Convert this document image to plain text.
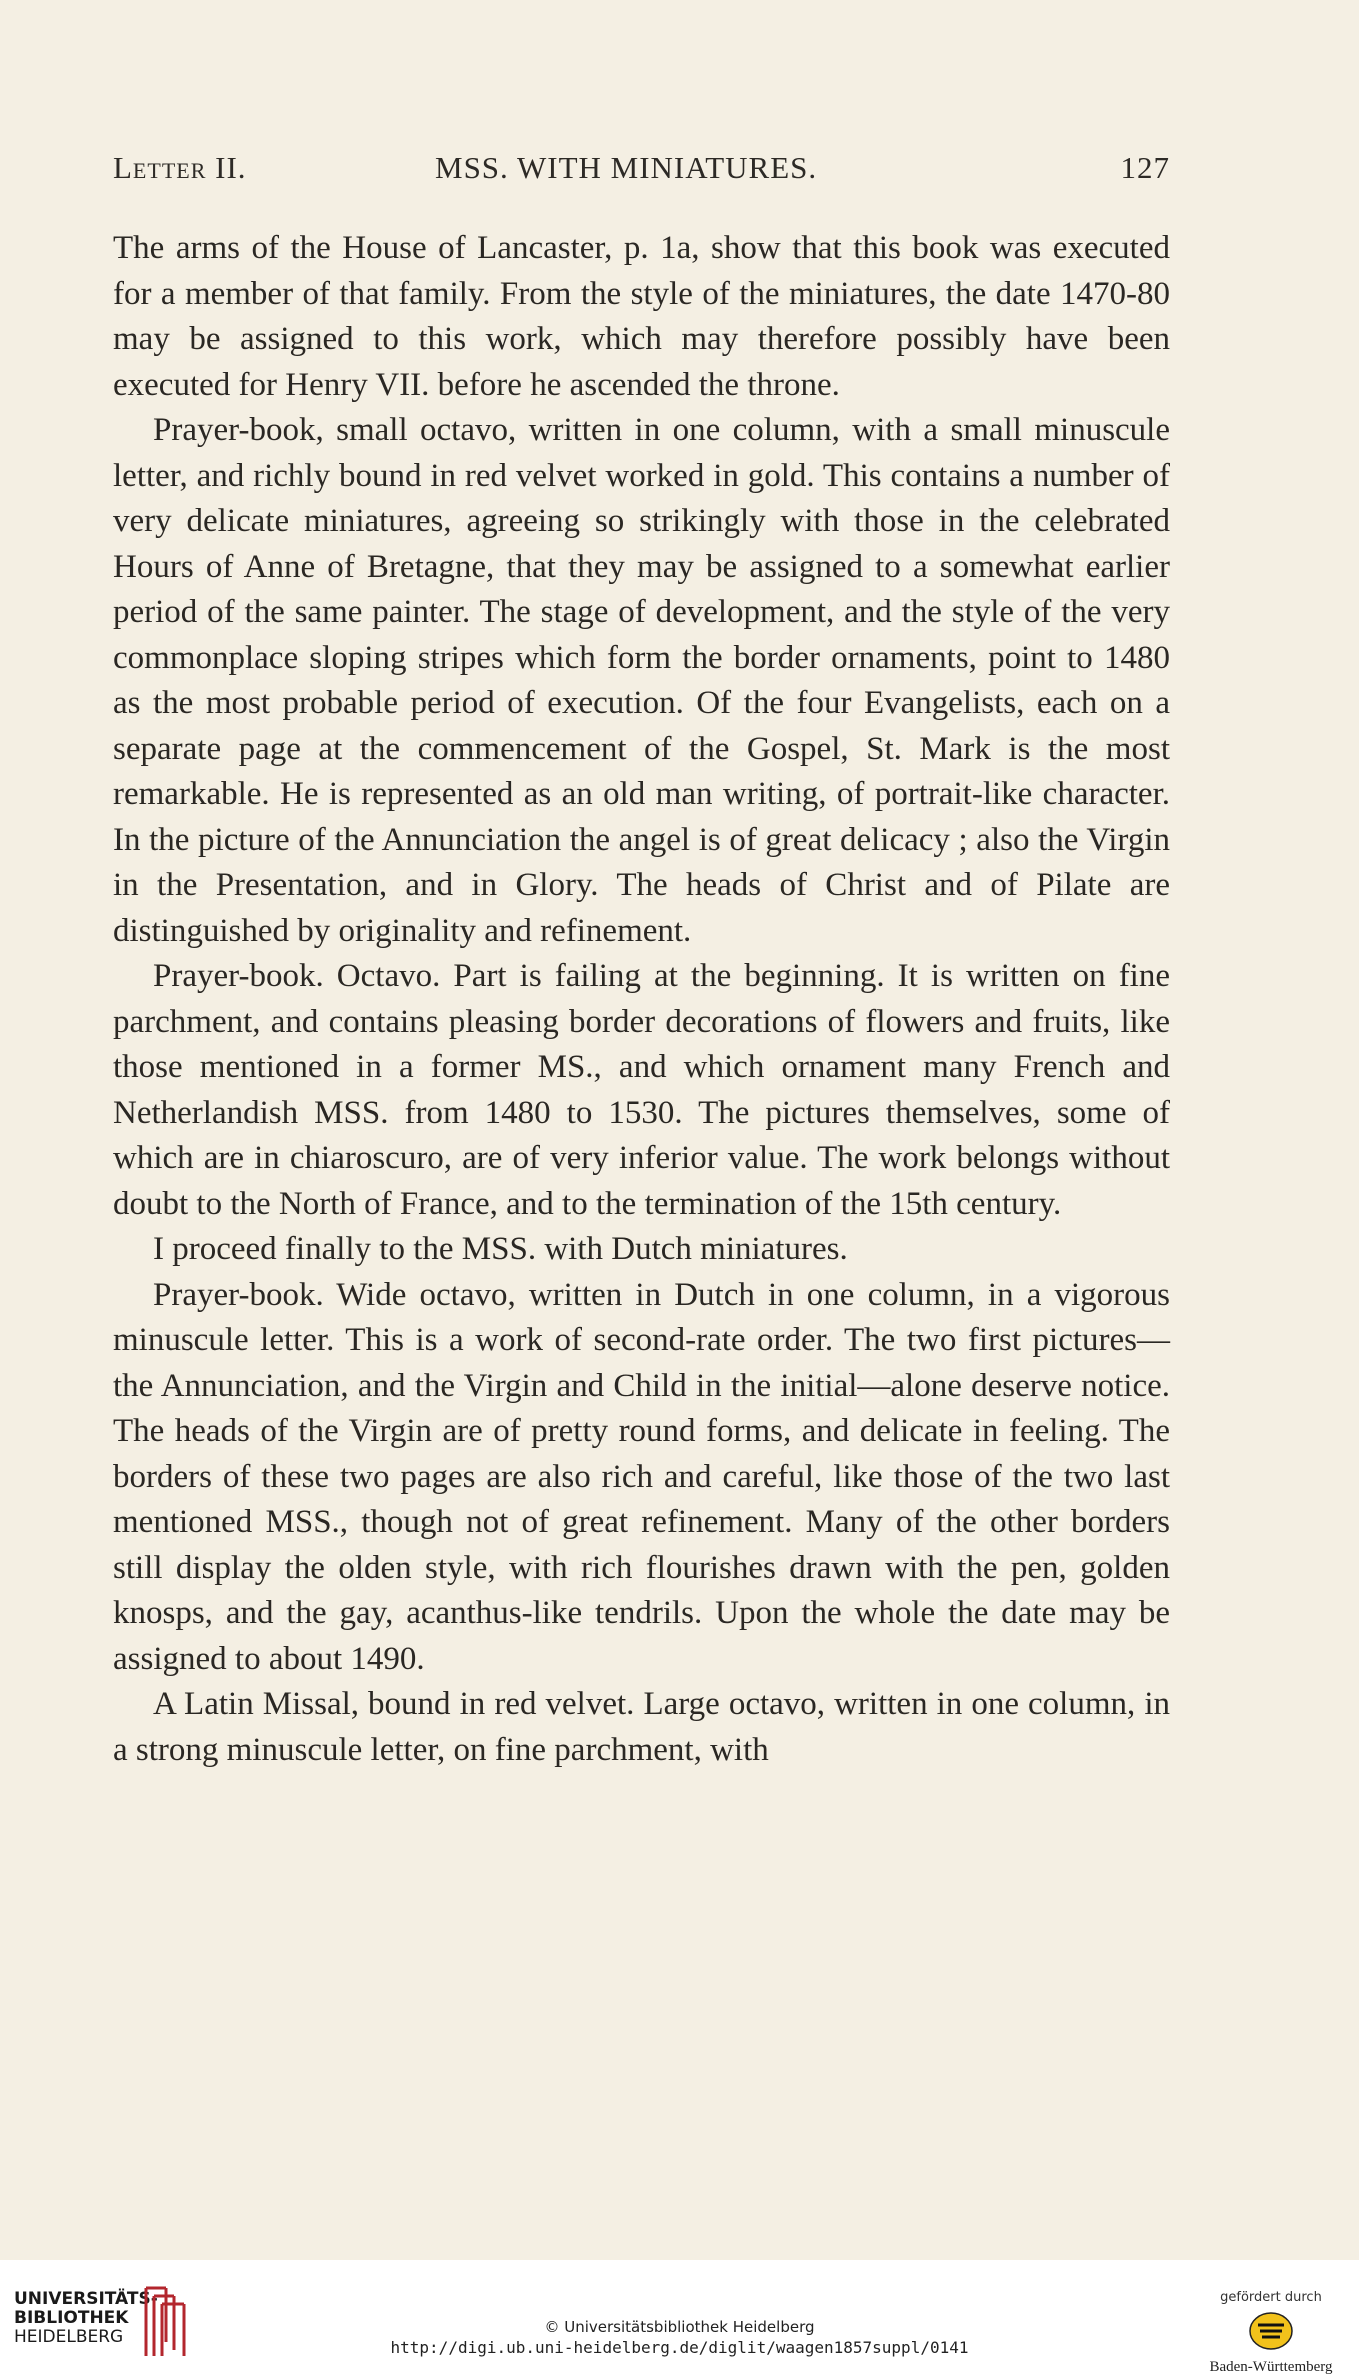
Letter II.	MSS. WITH MINIATURES.	127

The arms of the House of Lancaster, p. 1a, show that this book was executed for a member of that family. From the style of the miniatures, the date 1470-80 may be assigned to this work, which may therefore possibly have been executed for Henry VII. before he ascended the throne.

Prayer-book, small octavo, written in one column, with a small minuscule letter, and richly bound in red velvet worked in gold. This contains a number of very delicate miniatures, agreeing so strikingly with those in the celebrated Hours of Anne of Bretagne, that they may be assigned to a somewhat earlier period of the same painter. The stage of development, and the style of the very commonplace sloping stripes which form the border ornaments, point to 1480 as the most probable period of execution. Of the four Evangelists, each on a separate page at the commencement of the Gospel, St. Mark is the most remarkable. He is represented as an old man writing, of portrait-like character. In the picture of the Annunciation the angel is of great delicacy ; also the Virgin in the Presentation, and in Glory. The heads of Christ and of Pilate are distinguished by originality and refinement.

Prayer-book. Octavo. Part is failing at the beginning. It is written on fine parchment, and contains pleasing border decorations of flowers and fruits, like those mentioned in a former MS., and which ornament many French and Netherlandish MSS. from 1480 to 1530. The pictures themselves, some of which are in chiaroscuro, are of very inferior value. The work belongs without doubt to the North of France, and to the termination of the 15th century.

I proceed finally to the MSS. with Dutch miniatures.

Prayer-book. Wide octavo, written in Dutch in one column, in a vigorous minuscule letter. This is a work of second-rate order. The two first pictures—the Annunciation, and the Virgin and Child in the initial—alone deserve notice. The heads of the Virgin are of pretty round forms, and delicate in feeling. The borders of these two pages are also rich and careful, like those of the two last mentioned MSS., though not of great refinement. Many of the other borders still display the olden style, with rich flourishes drawn with the pen, golden knosps, and the gay, acanthus-like tendrils. Upon the whole the date may be assigned to about 1490.

A Latin Missal, bound in red velvet. Large octavo, written in one column, in a strong minuscule letter, on fine parchment, with

UNIVERSITÄTS-
BIBLIOTHEK
HEIDELBERG	© Universitätsbibliothek Heidelberg
http://digi.ub.uni-heidelberg.de/diglit/waagen1857suppl/0141
gefördert durch
Baden-Württemberg
